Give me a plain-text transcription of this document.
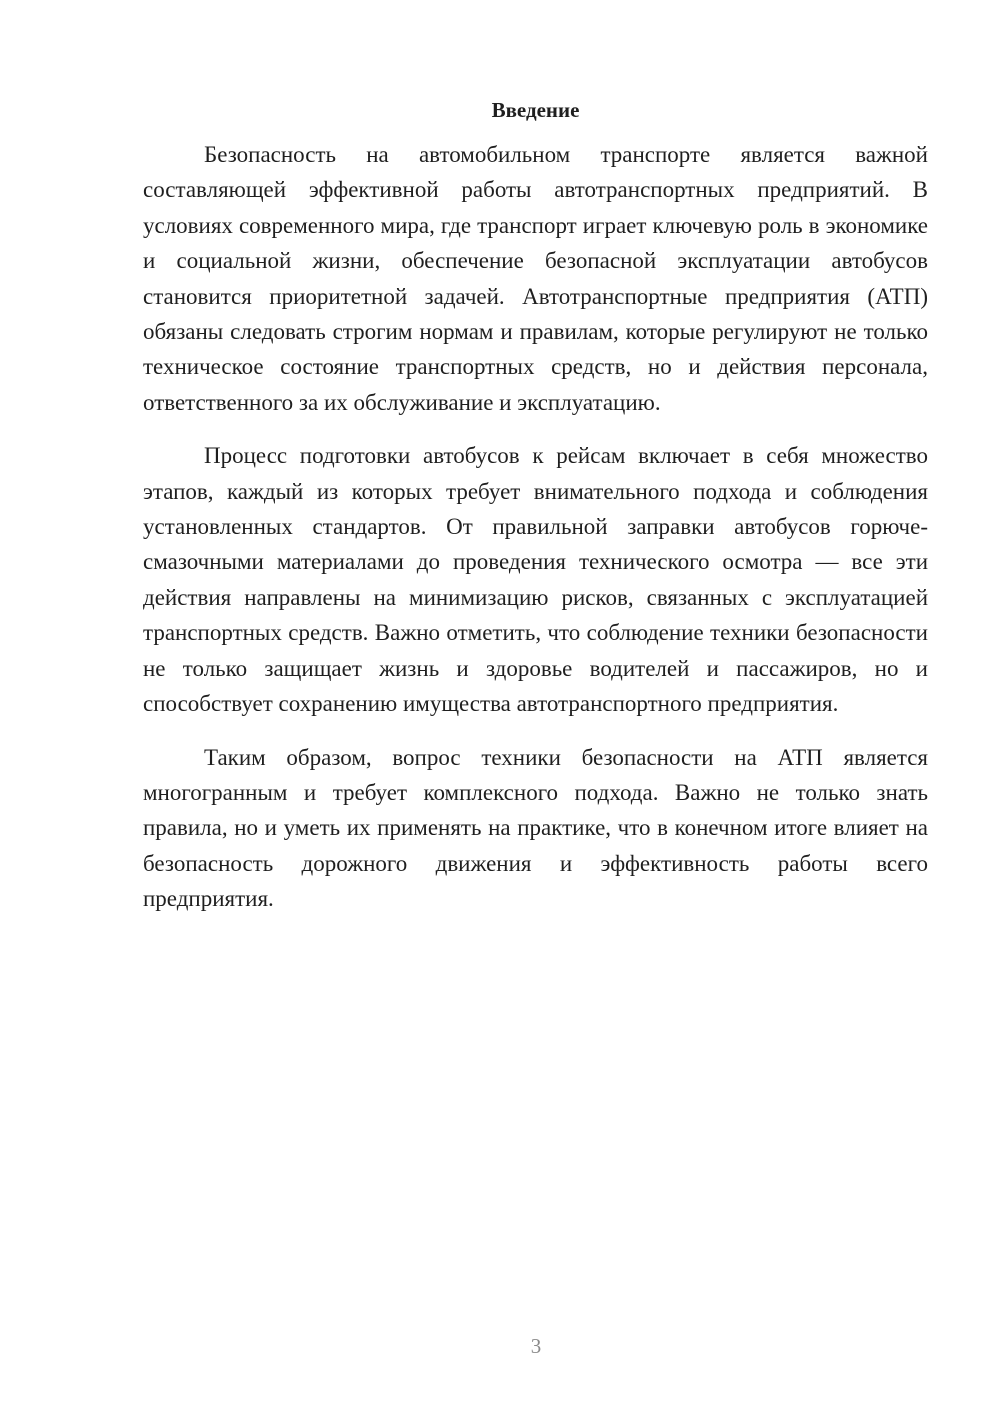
Введение

Безопасность на автомобильном транспорте является важной составляющей эффективной работы автотранспортных предприятий. В условиях современного мира, где транспорт играет ключевую роль в экономике и социальной жизни, обеспечение безопасной эксплуатации автобусов становится приоритетной задачей. Автотранспортные предприятия (АТП) обязаны следовать строгим нормам и правилам, которые регулируют не только техническое состояние транспортных средств, но и действия персонала, ответственного за их обслуживание и эксплуатацию.

Процесс подготовки автобусов к рейсам включает в себя множество этапов, каждый из которых требует внимательного подхода и соблюдения установленных стандартов. От правильной заправки автобусов горюче-смазочными материалами до проведения технического осмотра — все эти действия направлены на минимизацию рисков, связанных с эксплуатацией транспортных средств. Важно отметить, что соблюдение техники безопасности не только защищает жизнь и здоровье водителей и пассажиров, но и способствует сохранению имущества автотранспортного предприятия.

Таким образом, вопрос техники безопасности на АТП является многогранным и требует комплексного подхода. Важно не только знать правила, но и уметь их применять на практике, что в конечном итоге влияет на безопасность дорожного движения и эффективность работы всего предприятия.

3
